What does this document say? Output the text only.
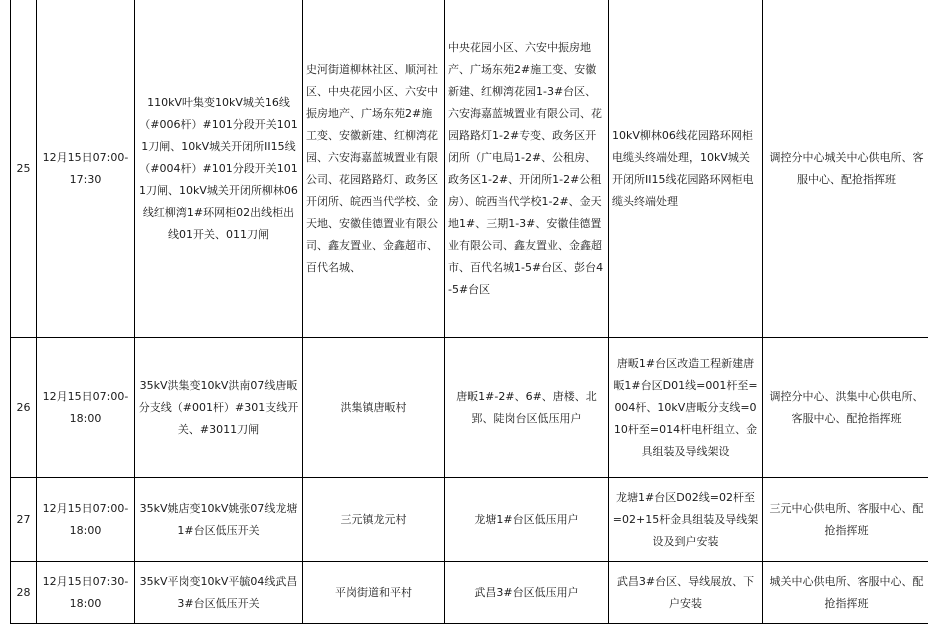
25	12月15日07:00-17:30	110kV叶集变10kV城关16线（#006杆）#101分段开关1011刀闸、10kV城关开闭所II15线（#004杆）#101分段开关1011刀闸、10kV城关开闭所柳林06线红柳湾1#环网柜02出线柜出线01开关、011刀闸	史河街道柳林社区、顺河社区、中央花园小区、六安中振房地产、广场东苑2#施工变、安徽新建、红柳湾花园、六安海嘉蓝城置业有限公司、花园路路灯、政务区开闭所、皖西当代学校、金天地、安徽佳德置业有限公司、鑫友置业、金鑫超市、百代名城、	中央花园小区、六安中振房地产、广场东苑2#施工变、安徽新建、红柳湾花园1-3#台区、六安海嘉蓝城置业有限公司、花园路路灯1-2#专变、政务区开闭所（广电局1-2#、公租房、政务区1-2#、开闭所1-2#公租房）、皖西当代学校1-2#、金天地1#、三期1-3#、安徽佳德置业有限公司、鑫友置业、金鑫超市、百代名城1-5#台区、彭台4-5#台区	10kV柳林06线花园路环网柜电缆头终端处理，10kV城关开闭所II15线花园路环网柜电缆头终端处理	调控分中心城关中心供电所、客服中心、配抢指挥班
26	12月15日07:00-18:00	35kV洪集变10kV洪南07线唐畈分支线（#001杆）#301支线开关、#3011刀闸	洪集镇唐畈村	唐畈1#-2#、6#、唐楼、北郢、陡岗台区低压用户	唐畈1#台区改造工程新建唐畈1#台区D01线=001杆至=004杆、10kV唐畈分支线=010杆至=014杆电杆组立、金具组装及导线架设	调控分中心、洪集中心供电所、客服中心、配抢指挥班
27	12月15日07:00-18:00	35kV姚店变10kV姚张07线龙塘1#台区低压开关	三元镇龙元村	龙塘1#台区低压用户	龙塘1#台区D02线=02杆至=02+15杆金具组装及导线架设及到户安装	三元中心供电所、客服中心、配抢指挥班
28	12月15日07:30-18:00	35kV平岗变10kV平毓04线武昌3#台区低压开关	平岗街道和平村	武昌3#台区低压用户	武昌3#台区、导线展放、下户安装	城关中心供电所、客服中心、配抢指挥班
